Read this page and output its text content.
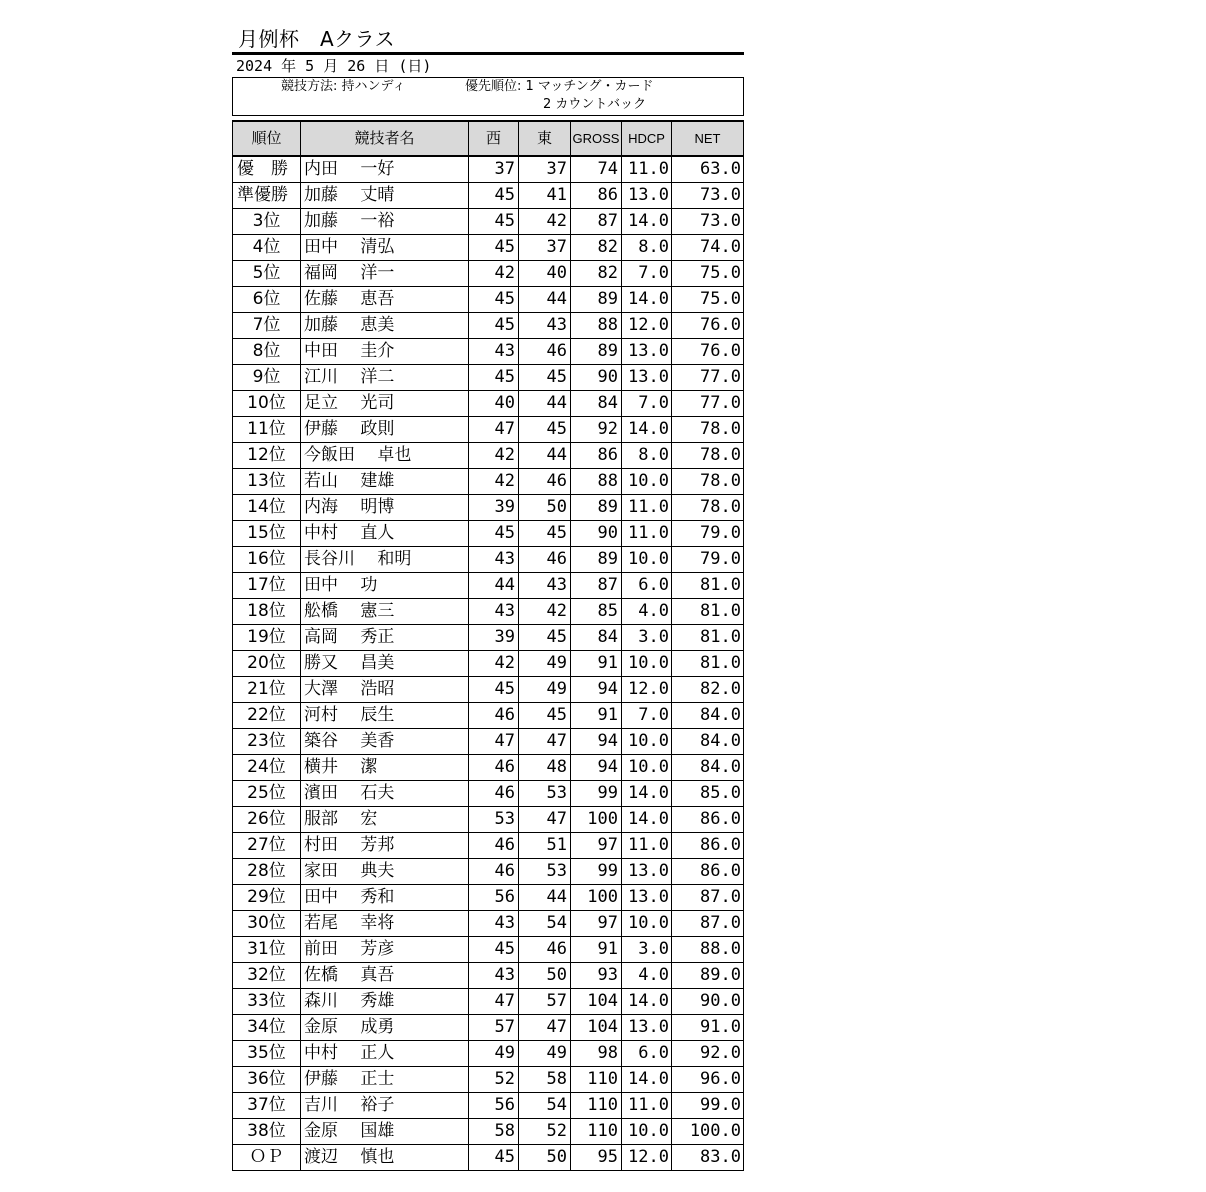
月例杯　Aクラス
2024 年 5 月 26 日 (日)
競技方法: 持ハンディ	優先順位: 1 マッチング・カード
2 カウントバック
順位	競技者名	西	東	GROSS	HDCP	NET
優　勝	内田　 一好	37	37	74	11.0	63.0
準優勝	加藤　 丈晴	45	41	86	13.0	73.0
3位	加藤　 一裕	45	42	87	14.0	73.0
4位	田中　 清弘	45	37	82	8.0	74.0
5位	福岡　 洋一	42	40	82	7.0	75.0
6位	佐藤　 恵吾	45	44	89	14.0	75.0
7位	加藤　 恵美	45	43	88	12.0	76.0
8位	中田　 圭介	43	46	89	13.0	76.0
9位	江川　 洋二	45	45	90	13.0	77.0
10位	足立　 光司	40	44	84	7.0	77.0
11位	伊藤　 政則	47	45	92	14.0	78.0
12位	今飯田　 卓也	42	44	86	8.0	78.0
13位	若山　 建雄	42	46	88	10.0	78.0
14位	内海　 明博	39	50	89	11.0	78.0
15位	中村　 直人	45	45	90	11.0	79.0
16位	長谷川　 和明	43	46	89	10.0	79.0
17位	田中　 功	44	43	87	6.0	81.0
18位	舩橋　 憲三	43	42	85	4.0	81.0
19位	高岡　 秀正	39	45	84	3.0	81.0
20位	勝又　 昌美	42	49	91	10.0	81.0
21位	大澤　 浩昭	45	49	94	12.0	82.0
22位	河村　 辰生	46	45	91	7.0	84.0
23位	築谷　 美香	47	47	94	10.0	84.0
24位	横井　 潔	46	48	94	10.0	84.0
25位	濱田　 石夫	46	53	99	14.0	85.0
26位	服部　 宏	53	47	100	14.0	86.0
27位	村田　 芳邦	46	51	97	11.0	86.0
28位	家田　 典夫	46	53	99	13.0	86.0
29位	田中　 秀和	56	44	100	13.0	87.0
30位	若尾　 幸将	43	54	97	10.0	87.0
31位	前田　 芳彦	45	46	91	3.0	88.0
32位	佐橋　 真吾	43	50	93	4.0	89.0
33位	森川　 秀雄	47	57	104	14.0	90.0
34位	金原　 成勇	57	47	104	13.0	91.0
35位	中村　 正人	49	49	98	6.0	92.0
36位	伊藤　 正士	52	58	110	14.0	96.0
37位	吉川　 裕子	56	54	110	11.0	99.0
38位	金原　 国雄	58	52	110	10.0	100.0
ＯＰ	渡辺　 慎也	45	50	95	12.0	83.0
